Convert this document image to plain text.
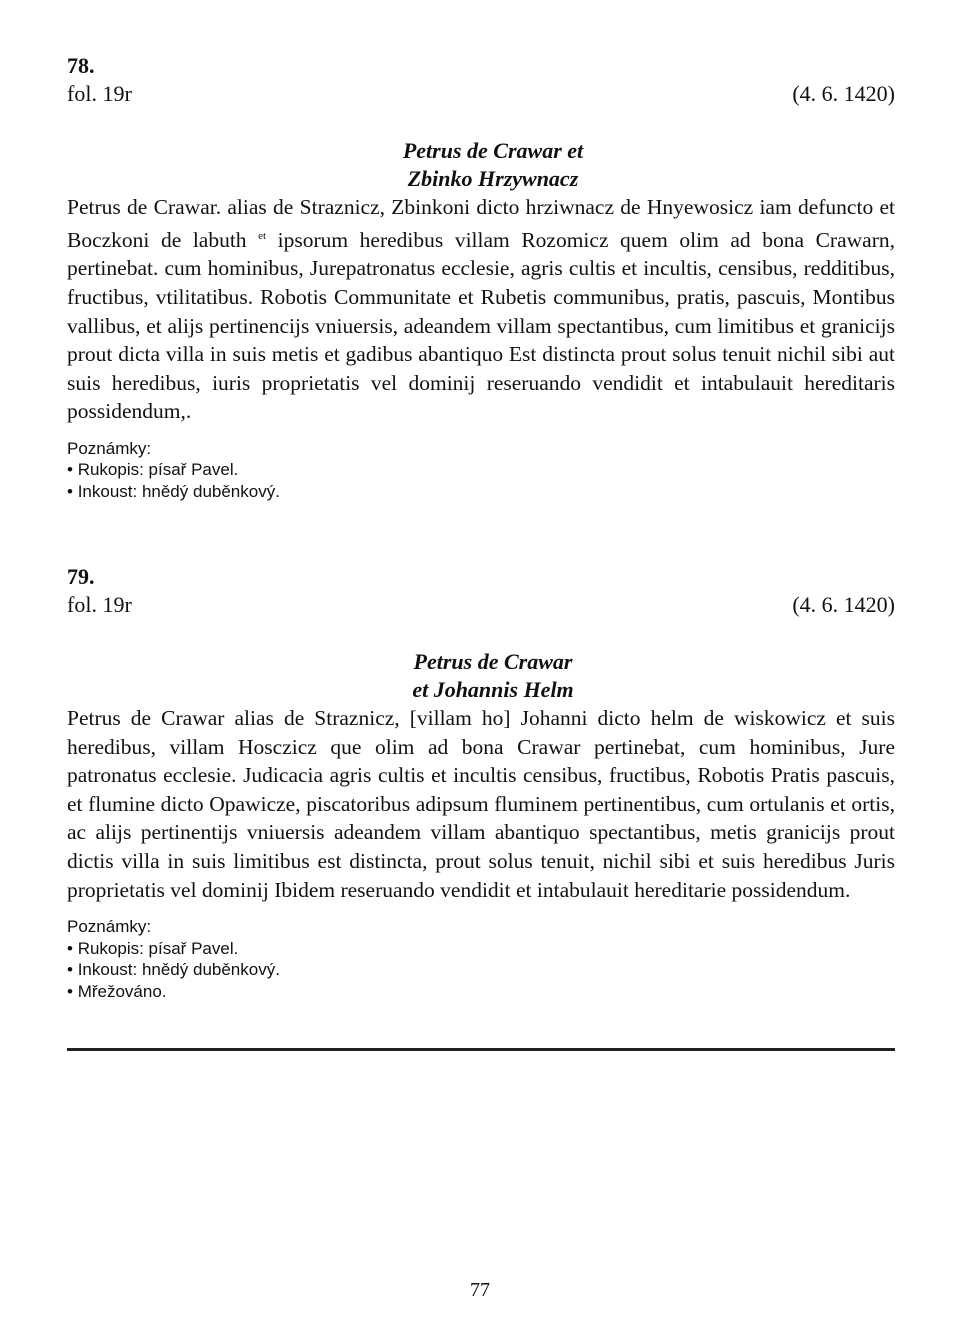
78.
fol. 19r	(4. 6. 1420)
Petrus de Crawar et
Zbinko Hrzywnacz

Petrus de Crawar. alias de Straznicz, Zbinkoni dicto hrziwnacz de Hnyewosicz iam defuncto et Boczkoni de labuth $^{et}$ ipsorum heredibus villam Rozomicz quem olim ad bona Crawarn, pertinebat. cum hominibus, Jurepatronatus ecclesie, agris cultis et incultis, censibus, redditibus, fructibus, vtilitatibus. Robotis Communitate et Rubetis communibus, pratis, pascuis, Montibus vallibus, et alijs pertinencijs vniuersis, adeandem villam spectantibus, cum limitibus et granicijs prout dicta villa in suis metis et gadibus abantiquo Est distincta prout solus tenuit nichil sibi aut suis heredibus, iuris proprietatis vel dominij reseruando vendidit et intabulauit hereditaris possidendum,.

Poznámky:
• Rukopis: písař Pavel.
• Inkoust: hnědý duběnkový.
79.
fol. 19r	(4. 6. 1420)
Petrus de Crawar
et Johannis Helm

Petrus de Crawar alias de Straznicz, [villam ho] Johanni dicto helm de wiskowicz et suis heredibus, villam Hosczicz que olim ad bona Crawar pertinebat, cum hominibus, Jure patronatus ecclesie. Judicacia agris cultis et incultis censibus, fructibus, Robotis Pratis pascuis, et flumine dicto Opawicze, piscatoribus adipsum fluminem pertinentibus, cum ortulanis et ortis, ac alijs pertinentijs vniuersis adeandem villam abantiquo spectantibus, metis granicijs prout dictis villa in suis limitibus est distincta, prout solus tenuit, nichil sibi et suis heredibus Juris proprietatis vel dominij Ibidem reseruando vendidit et intabulauit hereditarie possidendum.

Poznámky:
• Rukopis: písař Pavel.
• Inkoust: hnědý duběnkový.
• Mřežováno.
77
